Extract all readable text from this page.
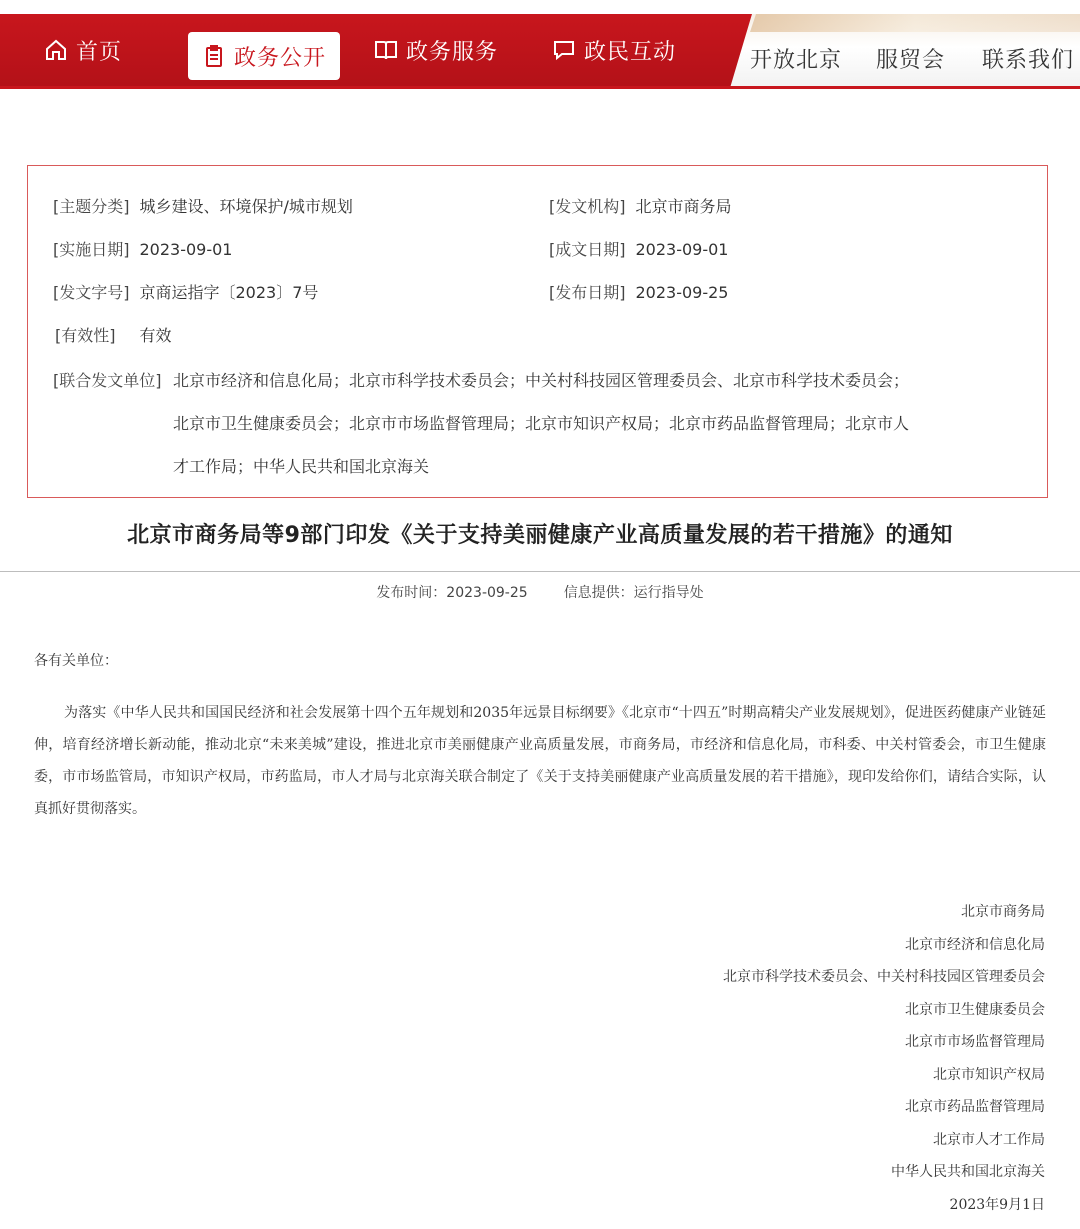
首页	政务公开	政务服务	政民互动	开放北京 服贸会 联系我们
[主题分类] 城乡建设、环境保护/城市规划	[发文机构] 北京市商务局
[实施日期] 2023-09-01	[成文日期] 2023-09-01
[发文字号] 京商运指字〔2023〕7号	[发布日期] 2023-09-25
[有效性] 有效
[联合发文单位] 北京市经济和信息化局；北京市科学技术委员会；中关村科技园区管理委员会、北京市科学技术委员会；北京市卫生健康委员会；北京市市场监督管理局；北京市知识产权局；北京市药品监督管理局；北京市人才工作局；中华人民共和国北京海关
北京市商务局等9部门印发《关于支持美丽健康产业高质量发展的若干措施》的通知
发布时间：2023-09-25	信息提供：运行指导处
各有关单位：
为落实《中华人民共和国国民经济和社会发展第十四个五年规划和2035年远景目标纲要》《北京市“十四五”时期高精尖产业发展规划》，促进医药健康产业链延伸，培育经济增长新动能，推动北京“未来美城”建设，推进北京市美丽健康产业高质量发展，市商务局，市经济和信息化局，市科委、中关村管委会，市卫生健康委，市市场监管局，市知识产权局，市药监局，市人才局与北京海关联合制定了《关于支持美丽健康产业高质量发展的若干措施》，现印发给你们，请结合实际，认真抓好贯彻落实。
北京市商务局
北京市经济和信息化局
北京市科学技术委员会、中关村科技园区管理委员会
北京市卫生健康委员会
北京市市场监督管理局
北京市知识产权局
北京市药品监督管理局
北京市人才工作局
中华人民共和国北京海关
2023年9月1日
